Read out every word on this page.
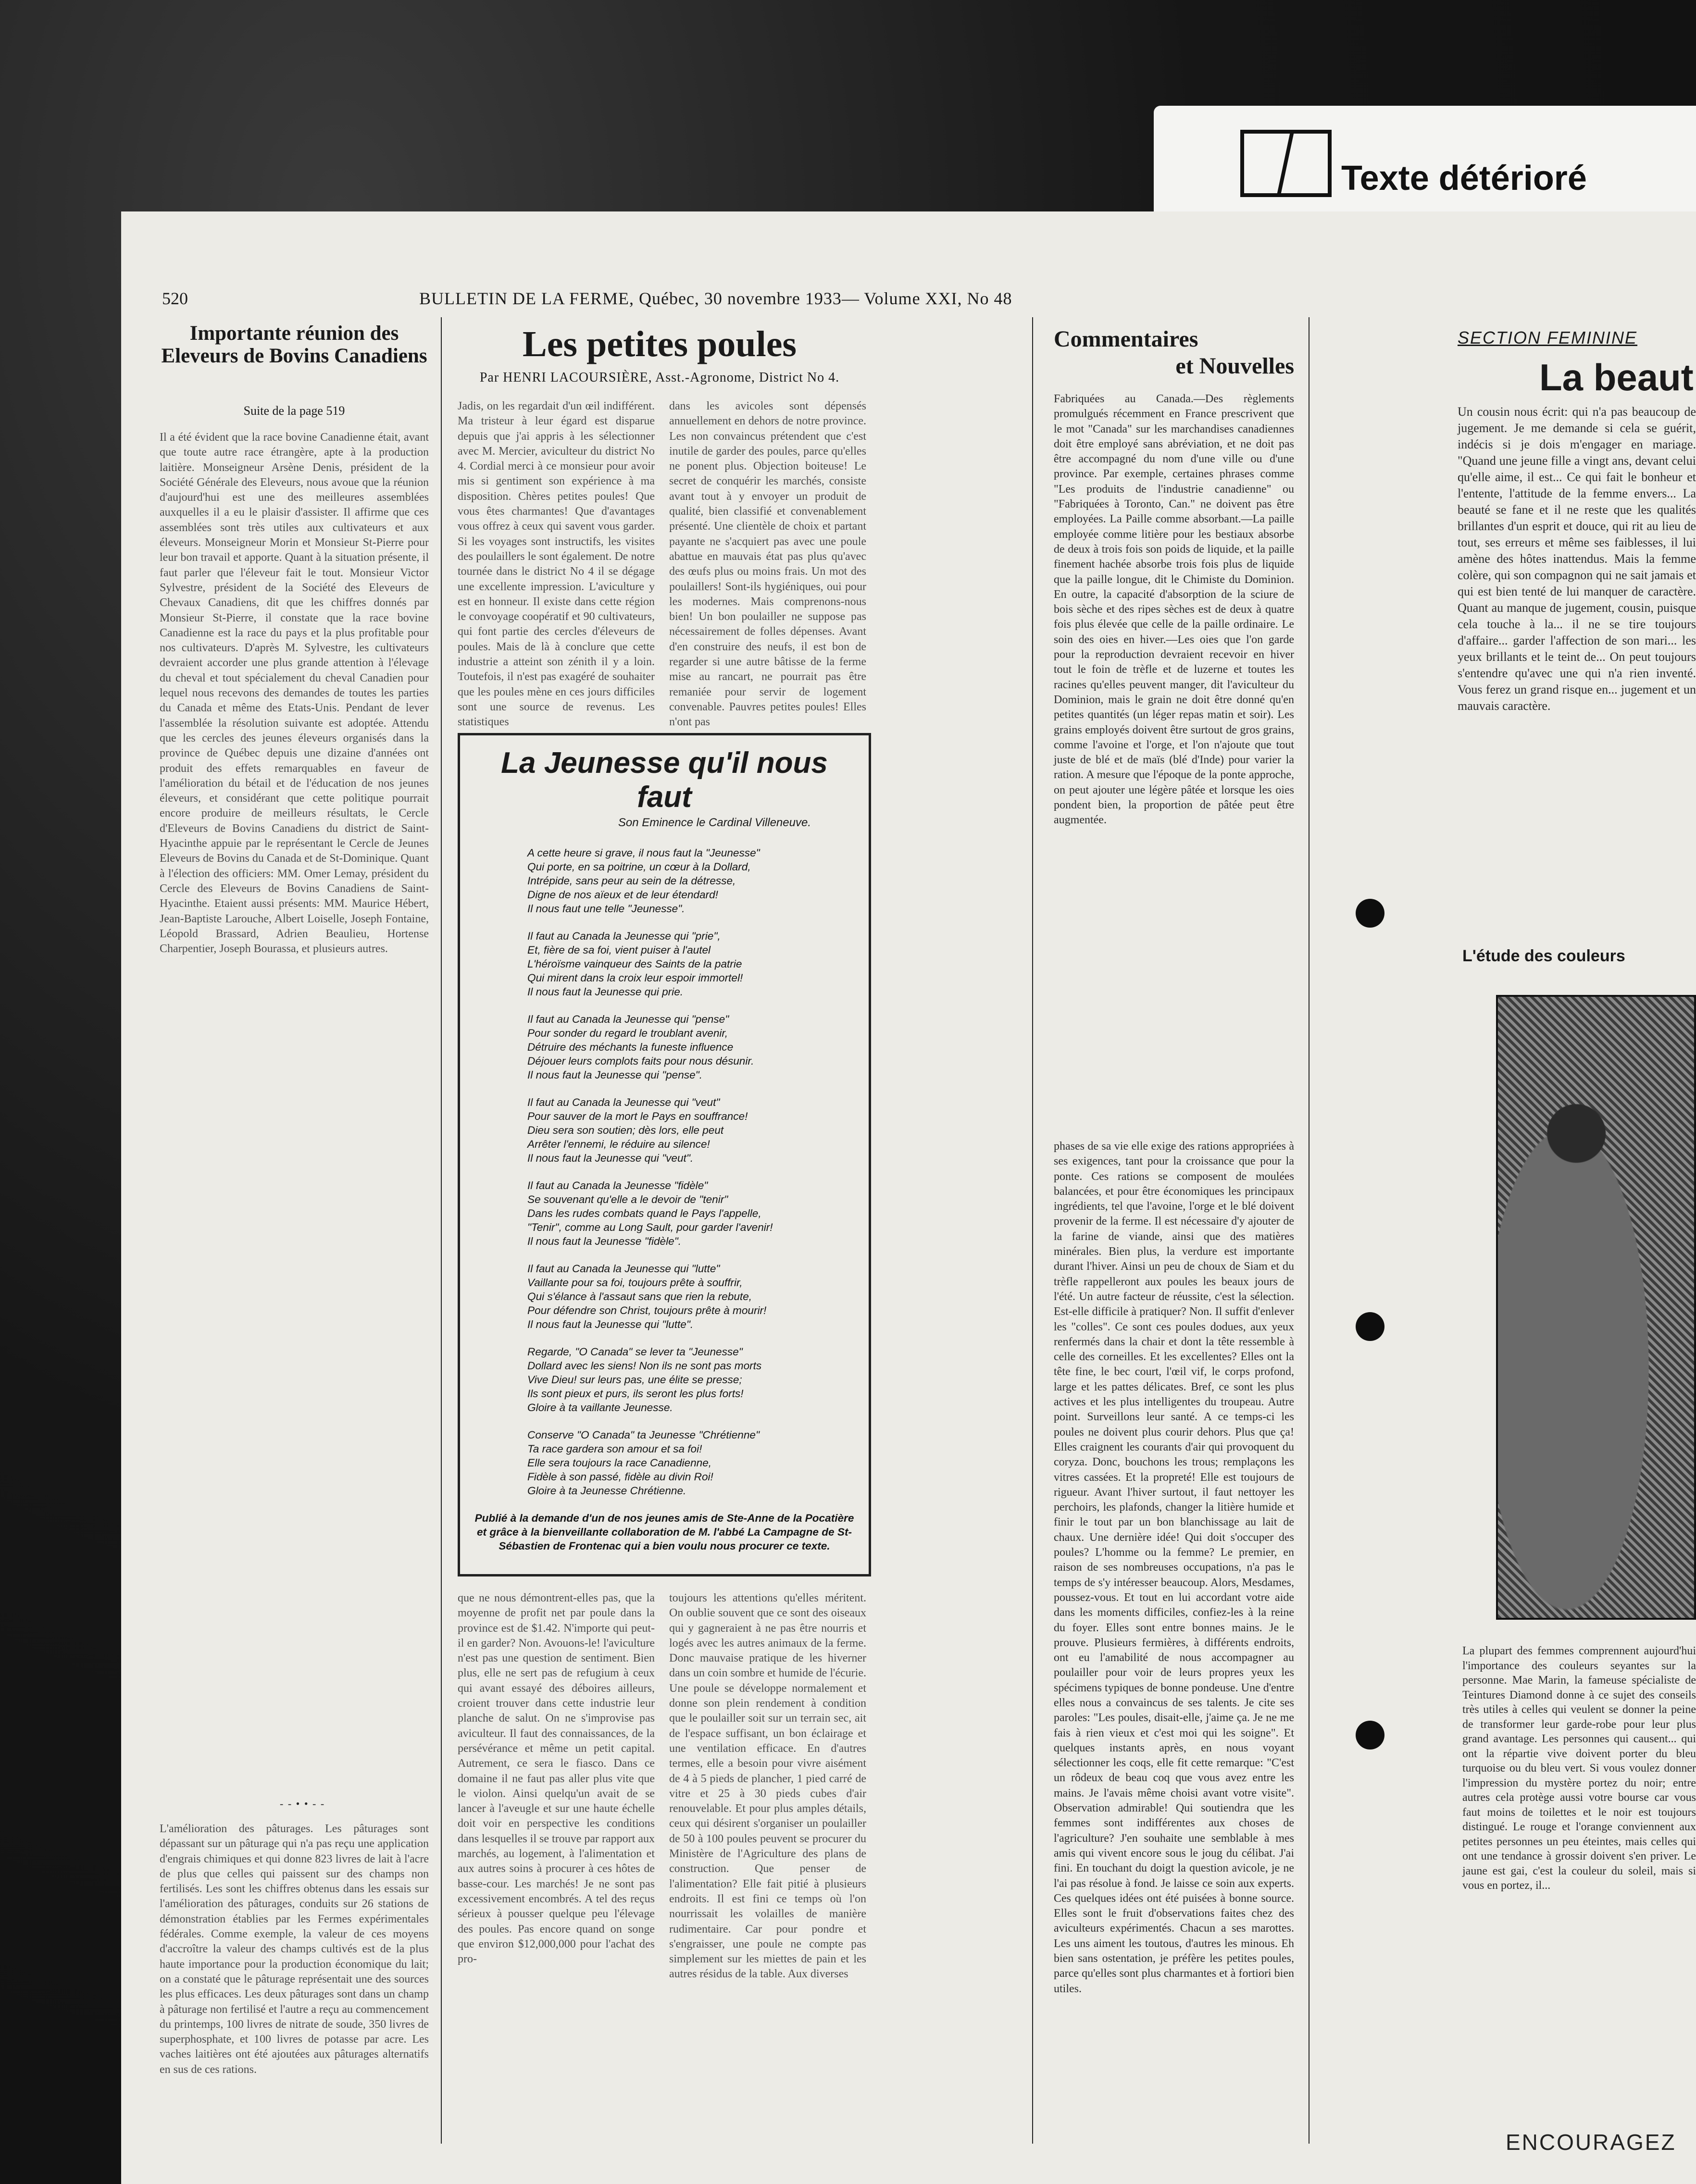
Texte détérioré
520	BULLETIN DE LA FERME, Québec, 30 novembre 1933— Volume XXI, No 48
Importante réunion des Eleveurs de Bovins Canadiens
Suite de la page 519
Il a été évident que la race bovine Canadienne était, avant que toute autre race étrangère, apte à la production laitière. Monseigneur Arsène Denis, président de la Société Générale des Eleveurs, nous avoue que la réunion d'aujourd'hui est une des meilleures assemblées auxquelles il a eu le plaisir d'assister. Il affirme que ces assemblées sont très utiles aux cultivateurs et aux éleveurs. Monseigneur Morin et Monsieur St-Pierre pour leur bon travail et apporte. Quant à la situation présente, il faut parler que l'éleveur fait le tout. Monsieur Victor Sylvestre, président de la Société des Eleveurs de Chevaux Canadiens, dit que les chiffres donnés par Monsieur St-Pierre, il constate que la race bovine Canadienne est la race du pays et la plus profitable pour nos cultivateurs. D'après M. Sylvestre, les cultivateurs devraient accorder une plus grande attention à l'élevage du cheval et tout spécialement du cheval Canadien pour lequel nous recevons des demandes de toutes les parties du Canada et même des Etats-Unis. Pendant de lever l'assemblée la résolution suivante est adoptée. Attendu que les cercles des jeunes éleveurs organisés dans la province de Québec depuis une dizaine d'années ont produit des effets remarquables en faveur de l'amélioration du bétail et de l'éducation de nos jeunes éleveurs, et considérant que cette politique pourrait encore produire de meilleurs résultats, le Cercle d'Eleveurs de Bovins Canadiens du district de Saint-Hyacinthe appuie par le représentant le Cercle de Jeunes Eleveurs de Bovins du Canada et de St-Dominique. Quant à l'élection des officiers: MM. Omer Lemay, président du Cercle des Eleveurs de Bovins Canadiens de Saint-Hyacinthe. Etaient aussi présents: MM. Maurice Hébert, Jean-Baptiste Larouche, Albert Loiselle, Joseph Fontaine, Léopold Brassard, Adrien Beaulieu, Hortense Charpentier, Joseph Bourassa, et plusieurs autres.
- - • • - -
L'amélioration des pâturages. Les pâturages sont dépassant sur un pâturage qui n'a pas reçu une application d'engrais chimiques et qui donne 823 livres de lait à l'acre de plus que celles qui paissent sur des champs non fertilisés. Les sont les chiffres obtenus dans les essais sur l'amélioration des pâturages, conduits sur 26 stations de démonstration établies par les Fermes expérimentales fédérales. Comme exemple, la valeur de ces moyens d'accroître la valeur des champs cultivés est de la plus haute importance pour la production économique du lait; on a constaté que le pâturage représentait une des sources les plus efficaces. Les deux pâturages sont dans un champ à pâturage non fertilisé et l'autre a reçu au commencement du printemps, 100 livres de nitrate de soude, 350 livres de superphosphate, et 100 livres de potasse par acre. Les vaches laitières ont été ajoutées aux pâturages alternatifs en sus de ces rations.
Les petites poules
Par HENRI LACOURSIÈRE, Asst.-Agronome, District No 4.
Jadis, on les regardait d'un œil indifférent. Ma tristeur à leur égard est disparue depuis que j'ai appris à les sélectionner avec M. Mercier, aviculteur du district No 4. Cordial merci à ce monsieur pour avoir mis si gentiment son expérience à ma disposition. Chères petites poules! Que vous êtes charmantes! Que d'avantages vous offrez à ceux qui savent vous garder. Si les voyages sont instructifs, les visites des poulaillers le sont également. De notre tournée dans le district No 4 il se dégage une excellente impression. L'aviculture y est en honneur. Il existe dans cette région le convoyage coopératif et 90 cultivateurs, qui font partie des cercles d'éleveurs de poules. Mais de là à conclure que cette industrie a atteint son zénith il y a loin. Toutefois, il n'est pas exagéré de souhaiter que les poules mène en ces jours difficiles sont une source de revenus. Les statistiques
dans les avicoles sont dépensés annuellement en dehors de notre province. Les non convaincus prétendent que c'est inutile de garder des poules, parce qu'elles ne ponent plus. Objection boiteuse! Le secret de conquérir les marchés, consiste avant tout à y envoyer un produit de qualité, bien classifié et convenablement présenté. Une clientèle de choix et partant payante ne s'acquiert pas avec une poule abattue en mauvais état pas plus qu'avec des œufs plus ou moins frais. Un mot des poulaillers! Sont-ils hygiéniques, oui pour les modernes. Mais comprenons-nous bien! Un bon poulailler ne suppose pas nécessairement de folles dépenses. Avant d'en construire des neufs, il est bon de regarder si une autre bâtisse de la ferme mise au rancart, ne pourrait pas être remaniée pour servir de logement convenable. Pauvres petites poules! Elles n'ont pas
La Jeunesse qu'il nous faut
Son Eminence le Cardinal Villeneuve.
A cette heure si grave, il nous faut la "Jeunesse"
Qui porte, en sa poitrine, un cœur à la Dollard,
Intrépide, sans peur au sein de la détresse,
Digne de nos aïeux et de leur étendard!
Il nous faut une telle "Jeunesse".
Il faut au Canada la Jeunesse qui "prie",
Et, fière de sa foi, vient puiser à l'autel
L'héroïsme vainqueur des Saints de la patrie
Qui mirent dans la croix leur espoir immortel!
Il nous faut la Jeunesse qui prie.
Il faut au Canada la Jeunesse qui "pense"
Pour sonder du regard le troublant avenir,
Détruire des méchants la funeste influence
Déjouer leurs complots faits pour nous désunir.
Il nous faut la Jeunesse qui "pense".
Il faut au Canada la Jeunesse qui "veut"
Pour sauver de la mort le Pays en souffrance!
Dieu sera son soutien; dès lors, elle peut
Arrêter l'ennemi, le réduire au silence!
Il nous faut la Jeunesse qui "veut".
Il faut au Canada la Jeunesse "fidèle"
Se souvenant qu'elle a le devoir de "tenir"
Dans les rudes combats quand le Pays l'appelle,
"Tenir", comme au Long Sault, pour garder l'avenir!
Il nous faut la Jeunesse "fidèle".
Il faut au Canada la Jeunesse qui "lutte"
Vaillante pour sa foi, toujours prête à souffrir,
Qui s'élance à l'assaut sans que rien la rebute,
Pour défendre son Christ, toujours prête à mourir!
Il nous faut la Jeunesse qui "lutte".
Regarde, "O Canada" se lever ta "Jeunesse"
Dollard avec les siens! Non ils ne sont pas morts
Vive Dieu! sur leurs pas, une élite se presse;
Ils sont pieux et purs, ils seront les plus forts!
Gloire à ta vaillante Jeunesse.
Conserve "O Canada" ta Jeunesse "Chrétienne"
Ta race gardera son amour et sa foi!
Elle sera toujours la race Canadienne,
Fidèle à son passé, fidèle au divin Roi!
Gloire à ta Jeunesse Chrétienne.
Publié à la demande d'un de nos jeunes amis de Ste-Anne de la Pocatière et grâce à la bienveillante collaboration de M. l'abbé La Campagne de St-Sébastien de Frontenac qui a bien voulu nous procurer ce texte.
que ne nous démontrent-elles pas, que la moyenne de profit net par poule dans la province est de $1.42. N'importe qui peut-il en garder? Non. Avouons-le! l'aviculture n'est pas une question de sentiment. Bien plus, elle ne sert pas de refugium à ceux qui avant essayé des déboires ailleurs, croient trouver dans cette industrie leur planche de salut. On ne s'improvise pas aviculteur. Il faut des connaissances, de la persévérance et même un petit capital. Autrement, ce sera le fiasco. Dans ce domaine il ne faut pas aller plus vite que le violon. Ainsi quelqu'un avait de se lancer à l'aveugle et sur une haute échelle doit voir en perspective les conditions dans lesquelles il se trouve par rapport aux marchés, au logement, à l'alimentation et aux autres soins à procurer à ces hôtes de basse-cour. Les marchés! Je ne sont pas excessivement encombrés. A tel des reçus sérieux à pousser quelque peu l'élevage des poules. Pas encore quand on songe que environ $12,000,000 pour l'achat des pro-
toujours les attentions qu'elles méritent. On oublie souvent que ce sont des oiseaux qui y gagneraient à ne pas être nourris et logés avec les autres animaux de la ferme. Donc mauvaise pratique de les hiverner dans un coin sombre et humide de l'écurie. Une poule se développe normalement et donne son plein rendement à condition que le poulailler soit sur un terrain sec, ait de l'espace suffisant, un bon éclairage et une ventilation efficace. En d'autres termes, elle a besoin pour vivre aisément de 4 à 5 pieds de plancher, 1 pied carré de vitre et 25 à 30 pieds cubes d'air renouvelable. Et pour plus amples détails, ceux qui désirent s'organiser un poulailler de 50 à 100 poules peuvent se procurer du Ministère de l'Agriculture des plans de construction. Que penser de l'alimentation? Elle fait pitié à plusieurs endroits. Il est fini ce temps où l'on nourrissait les volailles de manière rudimentaire. Car pour pondre et s'engraisser, une poule ne compte pas simplement sur les miettes de pain et les autres résidus de la table. Aux diverses
Commentaires
et Nouvelles
Fabriquées au Canada.—Des règlements promulgués récemment en France prescrivent que le mot "Canada" sur les marchandises canadiennes doit être employé sans abréviation, et ne doit pas être accompagné du nom d'une ville ou d'une province. Par exemple, certaines phrases comme "Les produits de l'industrie canadienne" ou "Fabriquées à Toronto, Can." ne doivent pas être employées. La Paille comme absorbant.—La paille employée comme litière pour les bestiaux absorbe de deux à trois fois son poids de liquide, et la paille finement hachée absorbe trois fois plus de liquide que la paille longue, dit le Chimiste du Dominion. En outre, la capacité d'absorption de la sciure de bois sèche et des ripes sèches est de deux à quatre fois plus élevée que celle de la paille ordinaire. Le soin des oies en hiver.—Les oies que l'on garde pour la reproduction devraient recevoir en hiver tout le foin de trèfle et de luzerne et toutes les racines qu'elles peuvent manger, dit l'aviculteur du Dominion, mais le grain ne doit être donné qu'en petites quantités (un léger repas matin et soir). Les grains employés doivent être surtout de gros grains, comme l'avoine et l'orge, et l'on n'ajoute que tout juste de blé et de maïs (blé d'Inde) pour varier la ration. A mesure que l'époque de la ponte approche, on peut ajouter une légère pâtée et lorsque les oies pondent bien, la proportion de pâtée peut être augmentée.
phases de sa vie elle exige des rations appropriées à ses exigences, tant pour la croissance que pour la ponte. Ces rations se composent de moulées balancées, et pour être économiques les principaux ingrédients, tel que l'avoine, l'orge et le blé doivent provenir de la ferme. Il est nécessaire d'y ajouter de la farine de viande, ainsi que des matières minérales. Bien plus, la verdure est importante durant l'hiver. Ainsi un peu de choux de Siam et du trèfle rappelleront aux poules les beaux jours de l'été. Un autre facteur de réussite, c'est la sélection. Est-elle difficile à pratiquer? Non. Il suffit d'enlever les "colles". Ce sont ces poules dodues, aux yeux renfermés dans la chair et dont la tête ressemble à celle des corneilles. Et les excellentes? Elles ont la tête fine, le bec court, l'œil vif, le corps profond, large et les pattes délicates. Bref, ce sont les plus actives et les plus intelligentes du troupeau. Autre point. Surveillons leur santé. A ce temps-ci les poules ne doivent plus courir dehors. Plus que ça! Elles craignent les courants d'air qui provoquent du coryza. Donc, bouchons les trous; remplaçons les vitres cassées. Et la propreté! Elle est toujours de rigueur. Avant l'hiver surtout, il faut nettoyer les perchoirs, les plafonds, changer la litière humide et finir le tout par un bon blanchissage au lait de chaux. Une dernière idée! Qui doit s'occuper des poules? L'homme ou la femme? Le premier, en raison de ses nombreuses occupations, n'a pas le temps de s'y intéresser beaucoup. Alors, Mesdames, poussez-vous. Et tout en lui accordant votre aide dans les moments difficiles, confiez-les à la reine du foyer. Elles sont entre bonnes mains. Je le prouve. Plusieurs fermières, à différents endroits, ont eu l'amabilité de nous accompagner au poulailler pour voir de leurs propres yeux les spécimens typiques de bonne pondeuse. Une d'entre elles nous a convaincus de ses talents. Je cite ses paroles: "Les poules, disait-elle, j'aime ça. Je ne me fais à rien vieux et c'est moi qui les soigne". Et quelques instants après, en nous voyant sélectionner les coqs, elle fit cette remarque: "C'est un rôdeux de beau coq que vous avez entre les mains. Je l'avais même choisi avant votre visite". Observation admirable! Qui soutiendra que les femmes sont indifférentes aux choses de l'agriculture? J'en souhaite une semblable à mes amis qui vivent encore sous le joug du célibat. J'ai fini. En touchant du doigt la question avicole, je ne l'ai pas résolue à fond. Je laisse ce soin aux experts. Ces quelques idées ont été puisées à bonne source. Elles sont le fruit d'observations faites chez des aviculteurs expérimentés. Chacun a ses marottes. Les uns aiment les toutous, d'autres les minous. Eh bien sans ostentation, je préfère les petites poules, parce qu'elles sont plus charmantes et à fortiori bien utiles.
SECTION FEMININE
La beaut
Un cousin nous écrit: qui n'a pas beaucoup de jugement. Je me demande si cela se guérit, indécis si je dois m'engager en mariage. "Quand une jeune fille a vingt ans, devant celui qu'elle aime, il est... Ce qui fait le bonheur et l'entente, l'attitude de la femme envers... La beauté se fane et il ne reste que les qualités brillantes d'un esprit et douce, qui rit au lieu de tout, ses erreurs et même ses faiblesses, il lui amène des hôtes inattendus. Mais la femme colère, qui son compagnon qui ne sait jamais et qui est bien tenté de lui manquer de caractère. Quant au manque de jugement, cousin, puisque cela touche à la... il ne se tire toujours d'affaire... garder l'affection de son mari... les yeux brillants et le teint de... On peut toujours s'entendre qu'avec une qui n'a rien inventé. Vous ferez un grand risque en... jugement et un mauvais caractère.
L'étude des couleurs
La plupart des femmes comprennent aujourd'hui l'importance des couleurs seyantes sur la personne. Mae Marin, la fameuse spécialiste de Teintures Diamond donne à ce sujet des conseils très utiles à celles qui veulent se donner la peine de transformer leur garde-robe pour leur plus grand avantage. Les personnes qui causent... qui ont la répartie vive doivent porter du bleu turquoise ou du bleu vert. Si vous voulez donner l'impression du mystère portez du noir; entre autres cela protège aussi votre bourse car vous faut moins de toilettes et le noir est toujours distingué. Le rouge et l'orange conviennent aux petites personnes un peu éteintes, mais celles qui ont une tendance à grossir doivent s'en priver. Le jaune est gai, c'est la couleur du soleil, mais si vous en portez, il...
ENCOURAGEZ
